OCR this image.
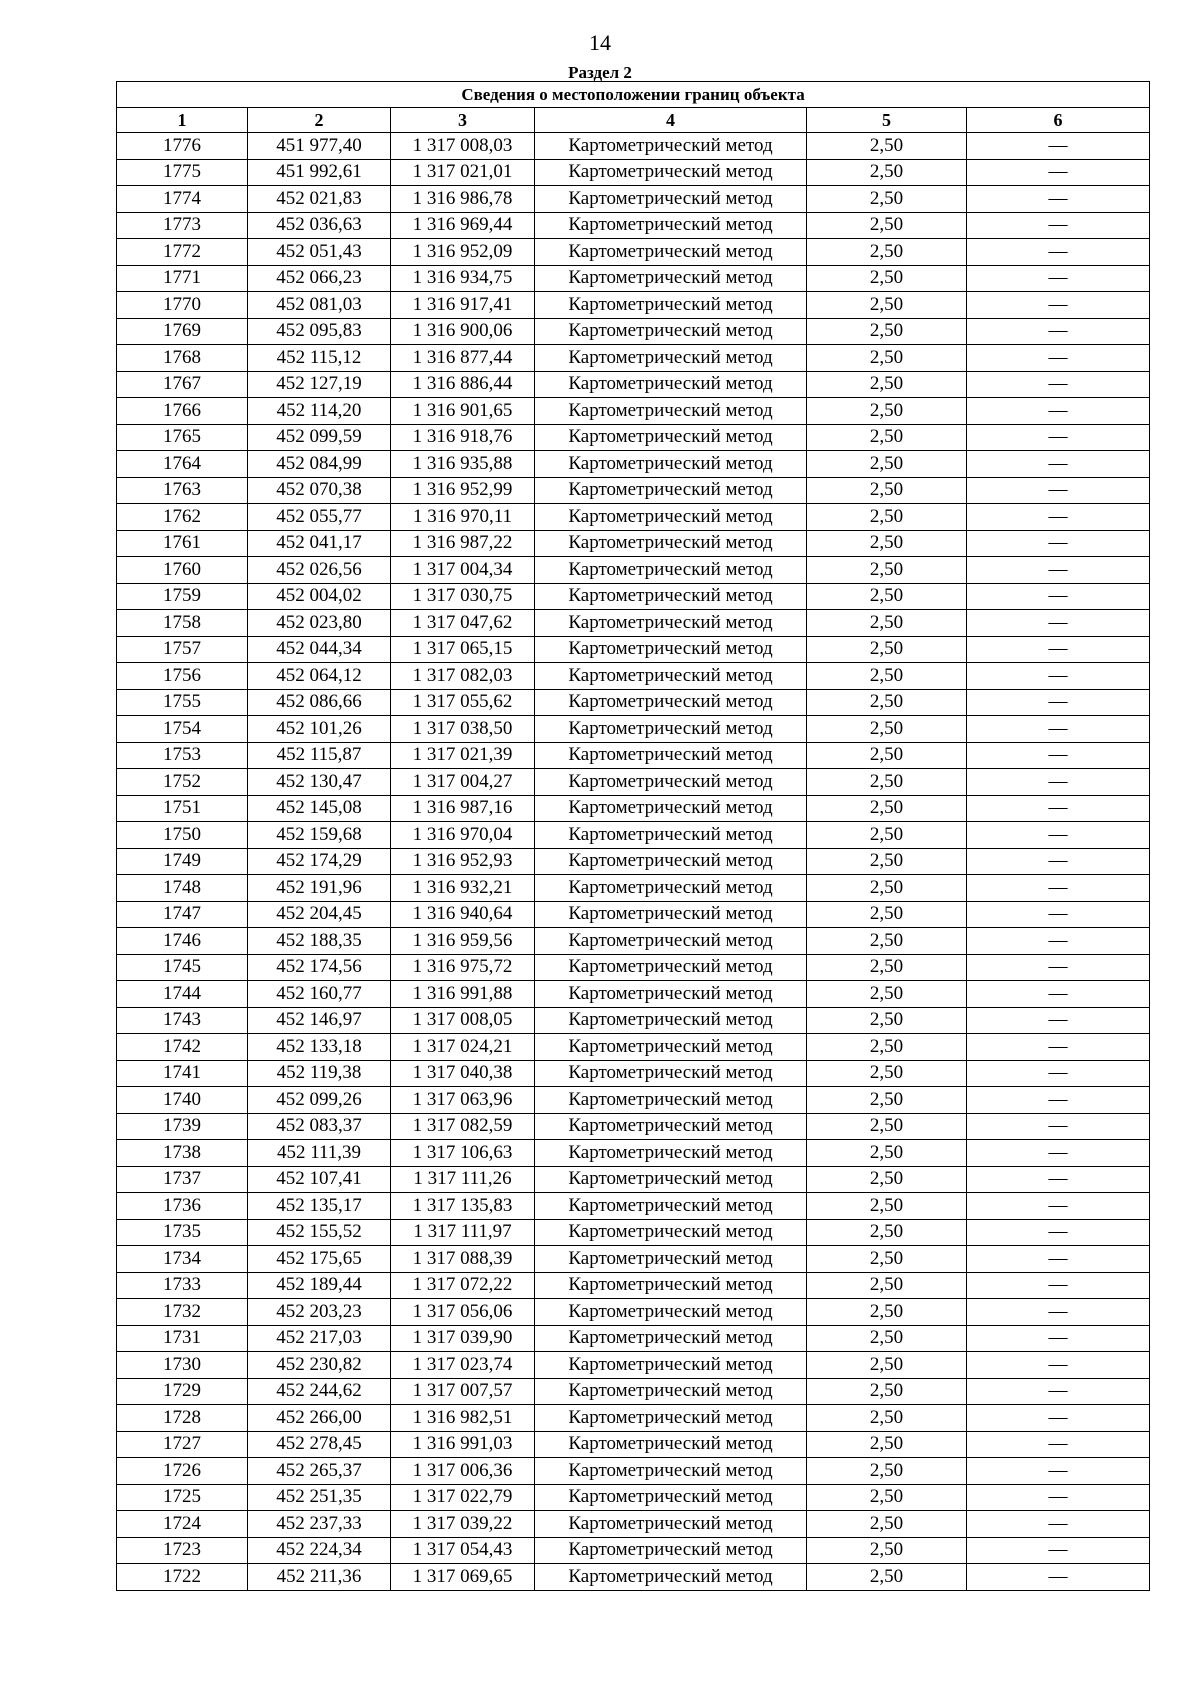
14
Раздел 2
Сведения о местоположении границ объекта					
1	2	3	4	5	6
1776	451 977,40	1 317 008,03	Картометрический метод	2,50	—
1775	451 992,61	1 317 021,01	Картометрический метод	2,50	—
1774	452 021,83	1 316 986,78	Картометрический метод	2,50	—
1773	452 036,63	1 316 969,44	Картометрический метод	2,50	—
1772	452 051,43	1 316 952,09	Картометрический метод	2,50	—
1771	452 066,23	1 316 934,75	Картометрический метод	2,50	—
1770	452 081,03	1 316 917,41	Картометрический метод	2,50	—
1769	452 095,83	1 316 900,06	Картометрический метод	2,50	—
1768	452 115,12	1 316 877,44	Картометрический метод	2,50	—
1767	452 127,19	1 316 886,44	Картометрический метод	2,50	—
1766	452 114,20	1 316 901,65	Картометрический метод	2,50	—
1765	452 099,59	1 316 918,76	Картометрический метод	2,50	—
1764	452 084,99	1 316 935,88	Картометрический метод	2,50	—
1763	452 070,38	1 316 952,99	Картометрический метод	2,50	—
1762	452 055,77	1 316 970,11	Картометрический метод	2,50	—
1761	452 041,17	1 316 987,22	Картометрический метод	2,50	—
1760	452 026,56	1 317 004,34	Картометрический метод	2,50	—
1759	452 004,02	1 317 030,75	Картометрический метод	2,50	—
1758	452 023,80	1 317 047,62	Картометрический метод	2,50	—
1757	452 044,34	1 317 065,15	Картометрический метод	2,50	—
1756	452 064,12	1 317 082,03	Картометрический метод	2,50	—
1755	452 086,66	1 317 055,62	Картометрический метод	2,50	—
1754	452 101,26	1 317 038,50	Картометрический метод	2,50	—
1753	452 115,87	1 317 021,39	Картометрический метод	2,50	—
1752	452 130,47	1 317 004,27	Картометрический метод	2,50	—
1751	452 145,08	1 316 987,16	Картометрический метод	2,50	—
1750	452 159,68	1 316 970,04	Картометрический метод	2,50	—
1749	452 174,29	1 316 952,93	Картометрический метод	2,50	—
1748	452 191,96	1 316 932,21	Картометрический метод	2,50	—
1747	452 204,45	1 316 940,64	Картометрический метод	2,50	—
1746	452 188,35	1 316 959,56	Картометрический метод	2,50	—
1745	452 174,56	1 316 975,72	Картометрический метод	2,50	—
1744	452 160,77	1 316 991,88	Картометрический метод	2,50	—
1743	452 146,97	1 317 008,05	Картометрический метод	2,50	—
1742	452 133,18	1 317 024,21	Картометрический метод	2,50	—
1741	452 119,38	1 317 040,38	Картометрический метод	2,50	—
1740	452 099,26	1 317 063,96	Картометрический метод	2,50	—
1739	452 083,37	1 317 082,59	Картометрический метод	2,50	—
1738	452 111,39	1 317 106,63	Картометрический метод	2,50	—
1737	452 107,41	1 317 111,26	Картометрический метод	2,50	—
1736	452 135,17	1 317 135,83	Картометрический метод	2,50	—
1735	452 155,52	1 317 111,97	Картометрический метод	2,50	—
1734	452 175,65	1 317 088,39	Картометрический метод	2,50	—
1733	452 189,44	1 317 072,22	Картометрический метод	2,50	—
1732	452 203,23	1 317 056,06	Картометрический метод	2,50	—
1731	452 217,03	1 317 039,90	Картометрический метод	2,50	—
1730	452 230,82	1 317 023,74	Картометрический метод	2,50	—
1729	452 244,62	1 317 007,57	Картометрический метод	2,50	—
1728	452 266,00	1 316 982,51	Картометрический метод	2,50	—
1727	452 278,45	1 316 991,03	Картометрический метод	2,50	—
1726	452 265,37	1 317 006,36	Картометрический метод	2,50	—
1725	452 251,35	1 317 022,79	Картометрический метод	2,50	—
1724	452 237,33	1 317 039,22	Картометрический метод	2,50	—
1723	452 224,34	1 317 054,43	Картометрический метод	2,50	—
1722	452 211,36	1 317 069,65	Картометрический метод	2,50	—
